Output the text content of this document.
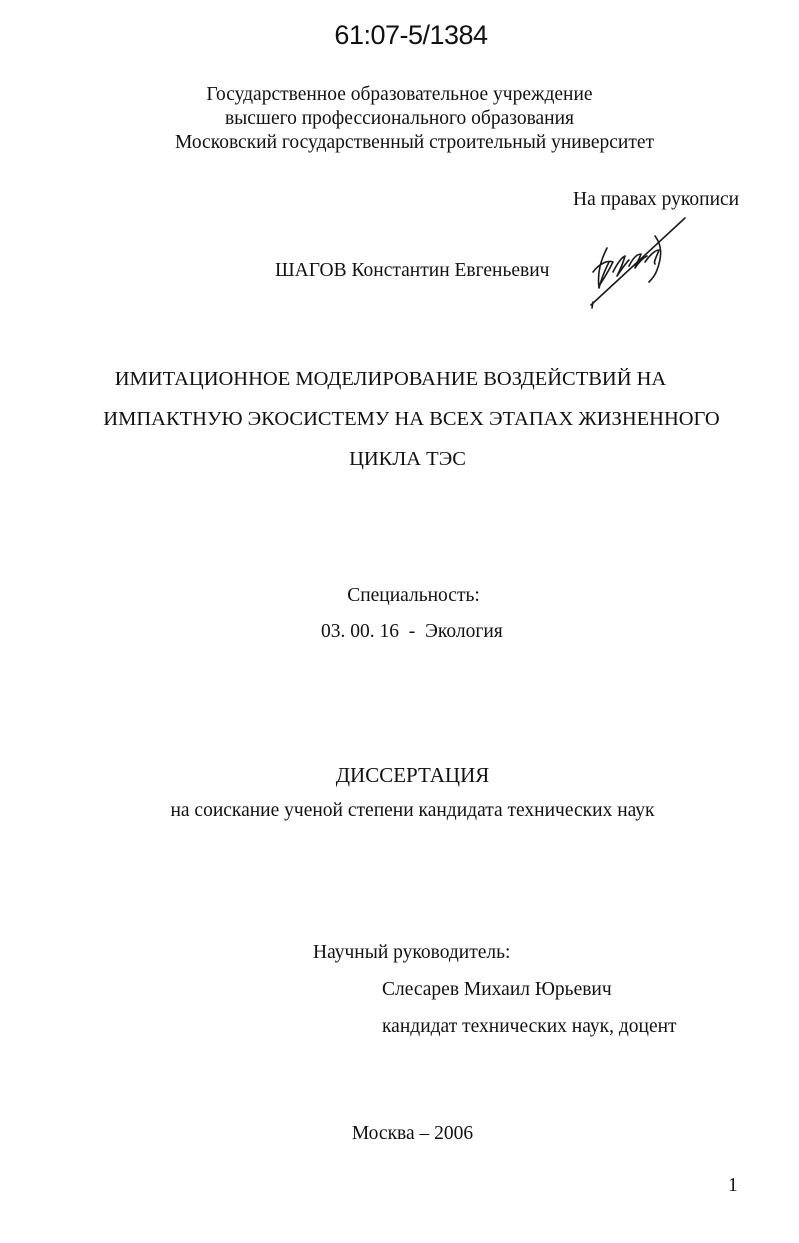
61:07-5/1384
Государственное образовательное учреждение
высшего профессионального образования
Московский государственный строительный университет
На правах рукописи
ШАГОВ Константин Евгеньевич
ИМИТАЦИОННОЕ МОДЕЛИРОВАНИЕ ВОЗДЕЙСТВИЙ НА
ИМПАКТНУЮ ЭКОСИСТЕМУ НА ВСЕХ ЭТАПАХ ЖИЗНЕННОГО
ЦИКЛА ТЭС
Специальность:
03. 00. 16  -  Экология
ДИССЕРТАЦИЯ
на соискание ученой степени кандидата технических наук
Научный руководитель:
Слесарев Михаил Юрьевич
кандидат технических наук, доцент
Москва – 2006
1
